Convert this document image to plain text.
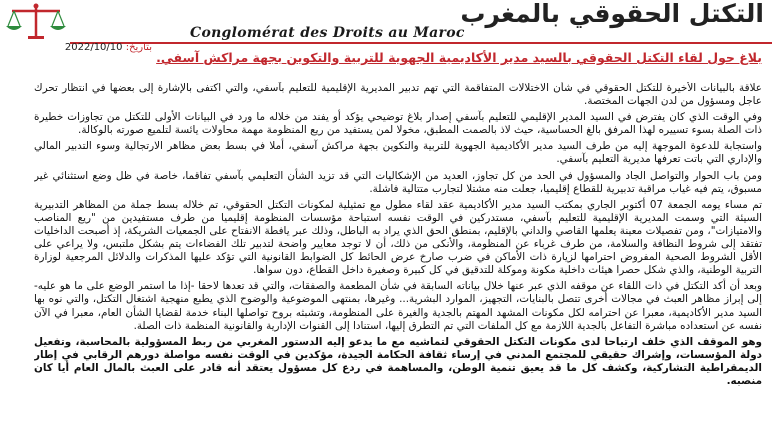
التكتل الحقوقي بالمغرب
Conglomérat des Droits au Maroc
بتاريخ: 2022/10/10
بلاغ حول لقاء التكتل الحقوقي بالسيد مدير الأكاديمية الجهوية للتربية والتكوين بجهة مراكش آسفي.

علاقة بالبيانات الأخيرة للتكتل الحقوقي في شأن الاختلالات المتفاقمة التي تهم تدبير المديرية الإقليمية للتعليم بآسفي، والتي اكتفى بالإشارة إلى بعضها في انتظار تحرك عاجل ومسؤول من لدن الجهات المختصة.

وفي الوقت الذي كان يفترض في السيد المدير الإقليمي للتعليم بآسفي إصدار بلاغ توضيحي يؤكد أو يفند من خلاله ما ورد في البيانات الأولى للتكتل من تجاوزات خطيرة ذات الصلة بسوء تسييره لهذا المرفق بالغ الحساسية، حيث لاذ بالصمت المطبق، مخولا لمن يستفيد من ريع المنظومة مهمة محاولات يائسة لتلميع صورته بالوكالة.

واستجابة للدعوة الموجهة إليه من طرف السيد مدير الأكاديمية الجهوية للتربية والتكوين بجهة مراكش آسفي، أملا في بسط بعض مظاهر الارتجالية وسوء التدبير المالي والإداري التي باتت تعرفها مديرية التعليم بآسفي.

ومن باب الحوار والتواصل الجاد والمسؤول في الحد من كل تجاوز، العديد من الإشكاليات التي قد تزيد الشأن التعليمي بآسفي تفاقما، خاصة في ظل وضع استثنائي غير مسبوق، يتم فيه غياب مراقبة تدبيرية للقطاع إقليميا، جعلت منه مشتلا لتجارب متتالية فاشلة.

تم مساء يومه الجمعة 07 أكتوبر الجاري بمكتب السيد مدير الأكاديمية عقد لقاء مطول مع تمثيلية لمكونات التكتل الحقوقي، تم خلاله بسط جملة من المظاهر التدبيرية السيئة التي وسمت المديرية الإقليمية للتعليم بآسفي، مستدركين في الوقت نفسه استباحة مؤسسات المنظومة إقليميا من طرف مستفيدين من "ريع المناصب والامتيازات"، ومن تفصيلات معينة يعلمها القاصي والداني بالإقليم، بمنطق الحق الذي يراد به الباطل، وذلك عبر يافطة الانفتاح على الجمعيات الشريكة، إذ أصبحت الداخليات تفتقد إلى شروط النظافة والسلامة، من طرف غرباء عن المنظومة، والأنكى من ذلك، أن لا توجد معايير واضحة لتدبير تلك الفضاءات يتم بشكل ملتبس، ولا يراعي على الأقل الشروط الصحية المفروض احترامها لزيارة ذات الأماكن في ضرب صارخ عرض الحائط كل الضوابط القانونية التي تؤكد عليها المذكرات والدلائل المرجعية لوزارة التربية الوطنية، والذي شكل حصرا هيئات داخلية مكونة وموكلة للتدقيق في كل كبيرة وصغيرة داخل القطاع، دون سواها.

وبعد أن أكد التكتل في ذات اللقاء عن موقفه الذي عبر عنها خلال بياناته السابقة في شأن المطعمة والصفقات، والتي قد تعدها لاحقا -إذا ما استمر الوضع على ما هو عليه- إلى إبراز مظاهر العبث في مجالات أخرى تتصل بالبنايات، التجهيز، الموارد البشرية... وغيرها، بمنتهى الموضوعية والوضوح الذي يطبع منهجية اشتغال التكتل، والتي نوه بها السيد مدير الأكاديمية، معبرا عن احترامه لكل مكونات المشهد المهتم بالجدية والغيرة على المنظومة، وتشبثه بروح تواصلها البناء خدمة لقضايا الشأن العام، معبرا في الآن نفسه عن استعداده مباشرة التفاعل بالجدية اللازمة مع كل الملفات التي تم التطرق إليها، استنادا إلى القنوات الإدارية والقانونية المنظمة ذات الصلة.

وهو الموقف الذي خلف ارتياحا لدى مكونات التكتل الحقوقي لتماشيه مع ما يدعو إليه الدستور المغربي من ربط المسؤولية بالمحاسبة، وتفعيل دولة المؤسسات، وإشراك حقيقي للمجتمع المدني في إرساء ثقافة الحكامة الجيدة، مؤكدين في الوقت نفسه مواصلة دورهم الرقابي في إطار الديمقراطية التشاركية، وكشف كل ما قد يعيق تنمية الوطن، والمساهمة في ردع كل مسؤول يعتقد أنه قادر على العبث بالمال العام أيا كان منصبه.
